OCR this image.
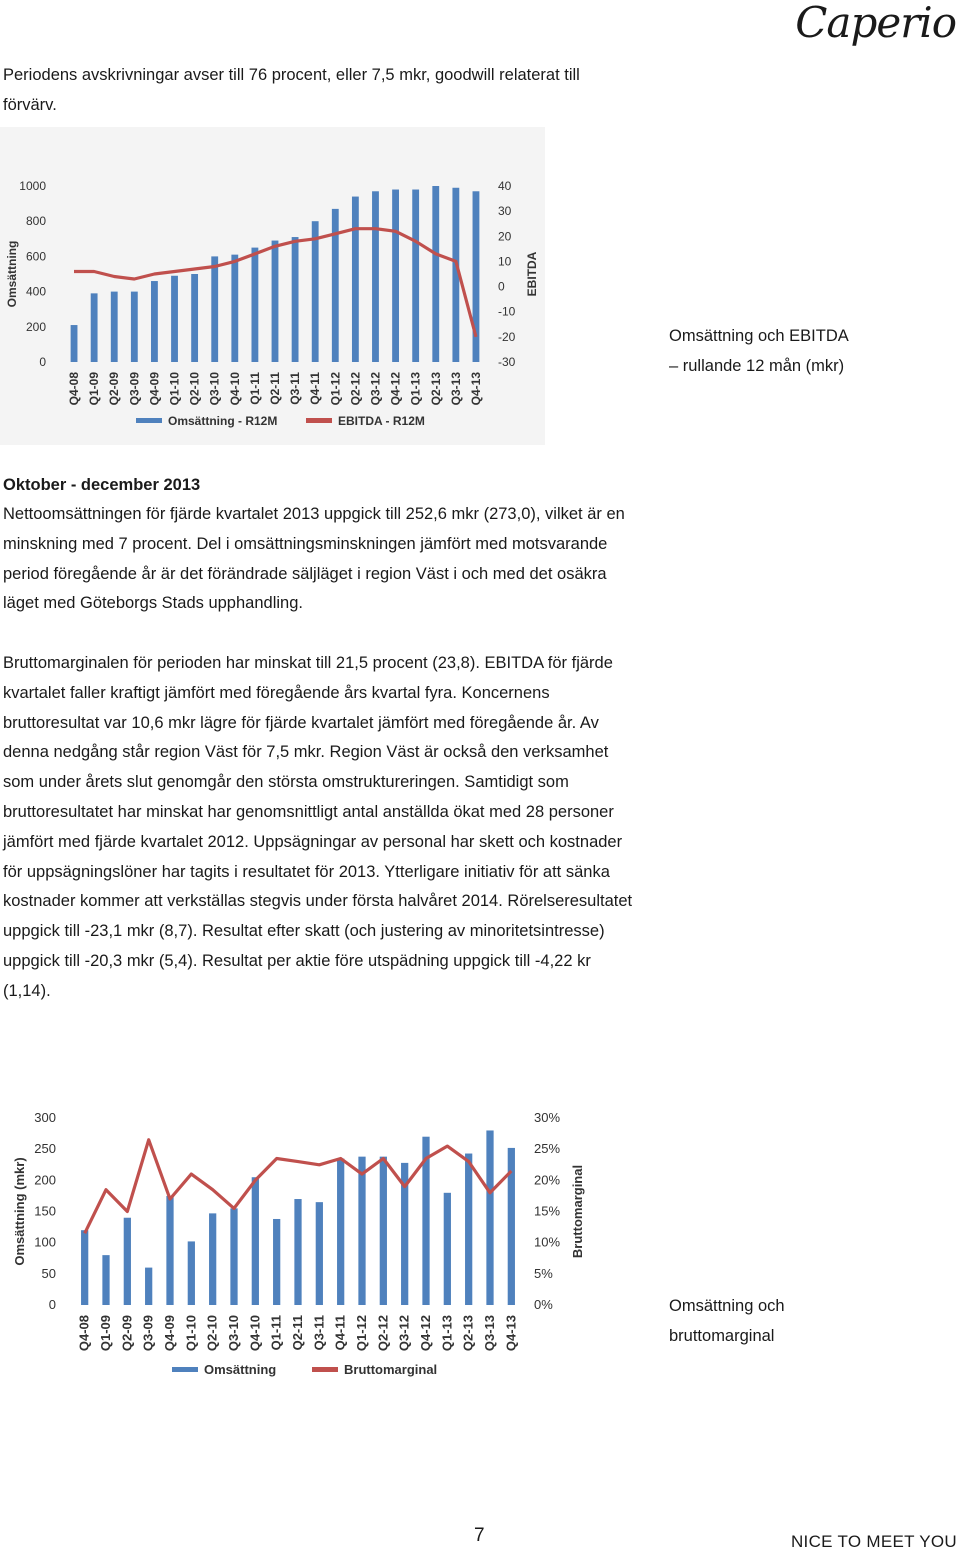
Caperio

Periodens avskrivningar avser till 76 procent, eller 7,5 mkr, goodwill relaterat till förvärv.

0
200
400
600
800
1000
-30
-20
-10
0
10
20
30
40
Omsättning	EBITDA
Q4-08 Q1-09 Q2-09 Q3-09 Q4-09 Q1-10 Q2-10 Q3-10 Q4-10 Q1-11 Q2-11 Q3-11 Q4-11 Q1-12 Q2-12 Q3-12 Q4-12 Q1-13 Q2-13 Q3-13 Q4-13
Omsättning - R12M	EBITDA - R12M
Omsättning och EBITDA
– rullande 12 mån (mkr)
Oktober - december 2013

Nettoomsättningen för fjärde kvartalet 2013 uppgick till 252,6 mkr (273,0), vilket är en minskning med 7 procent. Del i omsättningsminskningen jämfört med motsvarande period föregående år är det förändrade säljläget i region Väst i och med det osäkra läget med Göteborgs Stads upphandling.

Bruttomarginalen för perioden har minskat till 21,5 procent (23,8). EBITDA för fjärde kvartalet faller kraftigt jämfört med föregående års kvartal fyra. Koncernens bruttoresultat var 10,6 mkr lägre för fjärde kvartalet jämfört med föregående år. Av denna nedgång står region Väst för 7,5 mkr. Region Väst är också den verksamhet som under årets slut genomgår den största omstruktureringen. Samtidigt som bruttoresultatet har minskat har genomsnittligt antal anställda ökat med 28 personer jämfört med fjärde kvartalet 2012. Uppsägningar av personal har skett och kostnader för uppsägningslöner har tagits i resultatet för 2013. Ytterligare initiativ för att sänka kostnader kommer att verkställas stegvis under första halvåret 2014. Rörelseresultatet uppgick till -23,1 mkr (8,7). Resultat efter skatt (och justering av minoritetsintresse) uppgick till -20,3 mkr (5,4). Resultat per aktie före utspädning uppgick till -4,22 kr (1,14).

0
50
100
150
200
250
300
0%
5%
10%
15%
20%
25%
30%
Omsättning (mkr)	Bruttomarginal
Q4-08 Q1-09 Q2-09 Q3-09 Q4-09 Q1-10 Q2-10 Q3-10 Q4-10 Q1-11 Q2-11 Q3-11 Q4-11 Q1-12 Q2-12 Q3-12 Q4-12 Q1-13 Q2-13 Q3-13 Q4-13
Omsättning	Bruttomarginal
Omsättning och
bruttomarginal
7	NICE TO MEET YOU
